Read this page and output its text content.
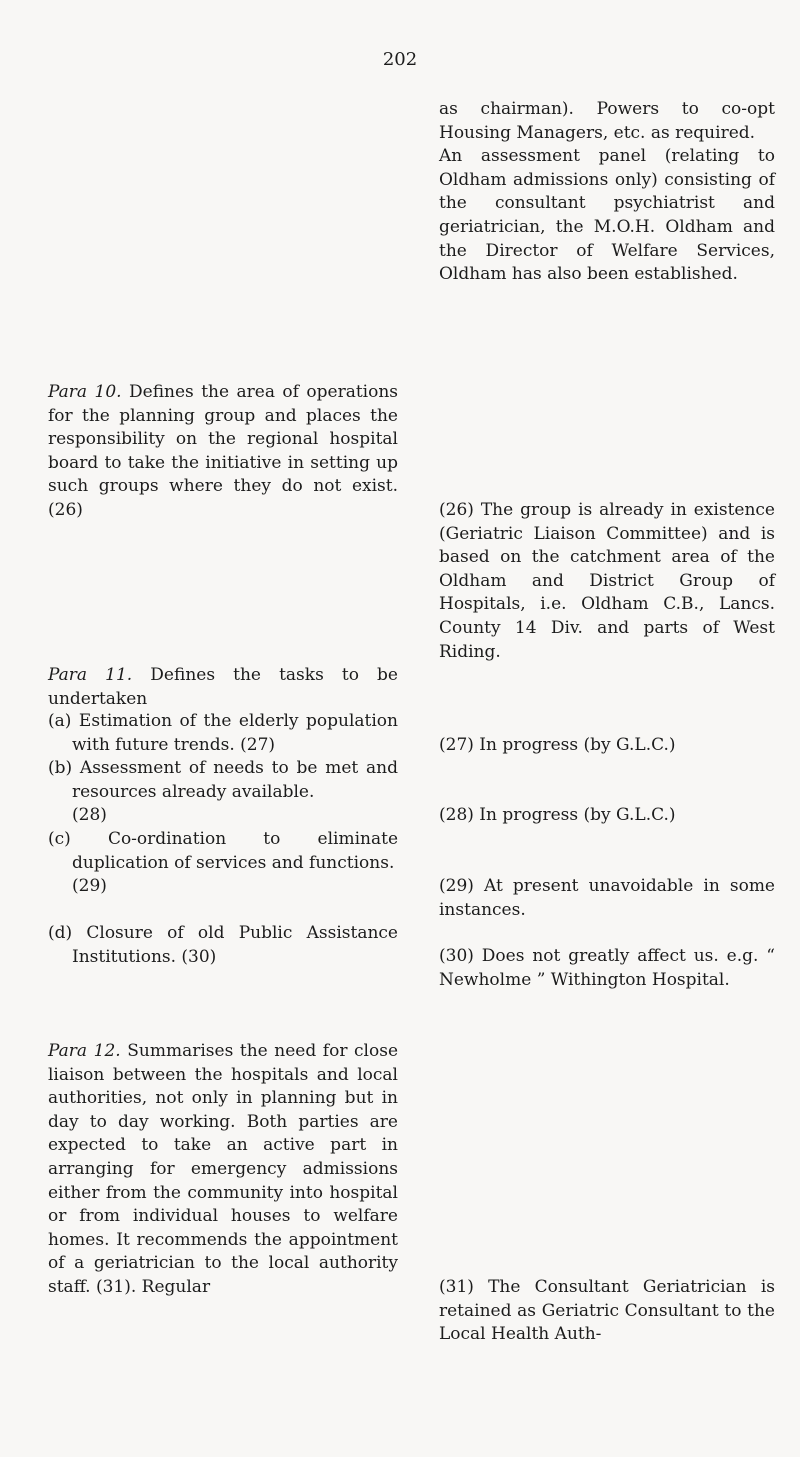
202

as chairman). Powers to co-opt Housing Managers, etc. as required.

An assessment panel (relating to Oldham admissions only) consisting of the consultant psychiatrist and geriatrician, the M.O.H. Oldham and the Director of Welfare Services, Oldham has also been established.

Para 10. Defines the area of operations for the planning group and places the responsibility on the regional hospital board to take the initiative in setting up such groups where they do not exist. (26)	(26) The group is already in existence (Geriatric Liaison Committee) and is based on the catchment area of the Oldham and District Group of Hospitals, i.e. Oldham C.B., Lancs. County 14 Div. and parts of West Riding.

Para 11. Defines the tasks to be undertaken

(a) Estimation of the elderly population with future trends. (27)

(b) Assessment of needs to be met and resources already available.

(28)

(c) Co-ordination to eliminate duplication of services and functions.

(29)

(d) Closure of old Public Assistance Institutions. (30)

(27) In progress (by G.L.C.)

(28) In progress (by G.L.C.)

(29) At present unavoidable in some instances.

(30) Does not greatly affect us. e.g. “ Newholme ” Withington Hospital.

Para 12. Summarises the need for close liaison between the hospitals and local authorities, not only in planning but in day to day working. Both parties are expected to take an active part in arranging for emergency admissions either from the community into hospital or from individual houses to welfare homes. It recommends the appointment of a geriatrician to the local authority staff. (31). Regular	(31) The Consultant Geriatrician is retained as Geriatric Consultant to the Local Health Auth-
